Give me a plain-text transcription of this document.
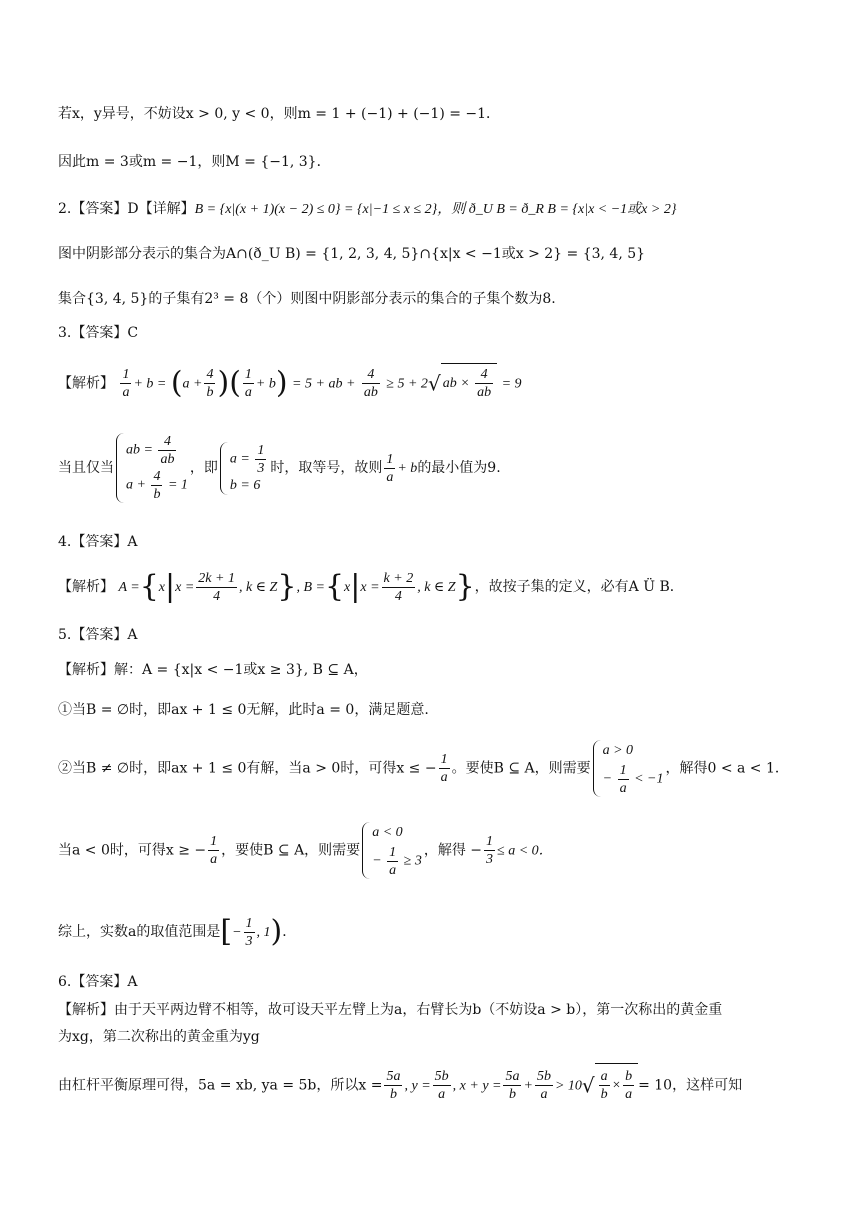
若x，y异号，不妨设x > 0, y < 0，则m = 1 + (−1) + (−1) = −1．
因此m = 3或m = −1，则M = {−1, 3}．
2.【答案】D【详解】B = {x|(x + 1)(x − 2) ≤ 0} = {x|−1 ≤ x ≤ 2}，则 ð_U B = ð_R B = {x|x < −1或x > 2}
图中阴影部分表示的集合为A∩(ð_U B) = {1, 2, 3, 4, 5}∩{x|x < −1或x > 2} = {3, 4, 5}
集合{3, 4, 5}的子集有2³ = 8（个）则图中阴影部分表示的集合的子集个数为8.
3.【答案】C
【解析】 $\frac{1}{a} + b = (a + \frac{4}{b}$ )( $\frac{1}{a} + b) = 5$ + ab + $\frac{4}{ab} \ge 5 + 2√$ ab × $\frac{4}{ab} = 9$
当且仅当
ab = $\frac{4}{ab}$
$a + \frac{4}{b} = 1$
，即
$a = \frac{1}{3}$
b = 6
时，取等号，故则 $\frac{1}{a} + b$的最小值为9.
4.【答案】A
【解析】 $A =\{x|x = \frac{2k + 1}{4}$ , k ∈ Z}, $B =\{x|x = \frac{k + 2}{4}$ , k ∈ Z}，故按子集的定义，必有A Ü B．
5.【答案】A
【解析】解：A = {x|x < −1或x ≥ 3}, B ⊆ A，
①当B = ∅时，即ax + 1 ≤ 0无解，此时a = 0，满足题意.
②当B ≠ ∅时，即ax + 1 ≤ 0有解，当a > 0时，可得x ≤ − $\frac{1}{a}$ 。要使B ⊆ A，则需要
a > 0
− $\frac{1}{a} < -1$
，解得0 < a < 1．
当a < 0时，可得x ≥ − $\frac{1}{a}$ ，要使B ⊆ A，则需要
a < 0
− $\frac{1}{a} \ge 3$
，解得 − $\frac{1}{3} \le a < 0$．
综上，实数a的取值范围是[− $\frac{1}{3}$ , 1)．
6.【答案】A
【解析】由于天平两边臂不相等，故可设天平左臂上为a，右臂长为b（不妨设a > b），第一次称出的黄金重
为xg，第二次称出的黄金重为yg
由杠杆平衡原理可得，5a = xb, ya = 5b，所以$x = \frac{5a}{b}$ , $y = \frac{5b}{a}$ , $x + y = \frac{5a}{b} + \frac{5b}{a} > 10√ \frac{a}{b} \times \frac{b}{a} = 10$，这样可知
